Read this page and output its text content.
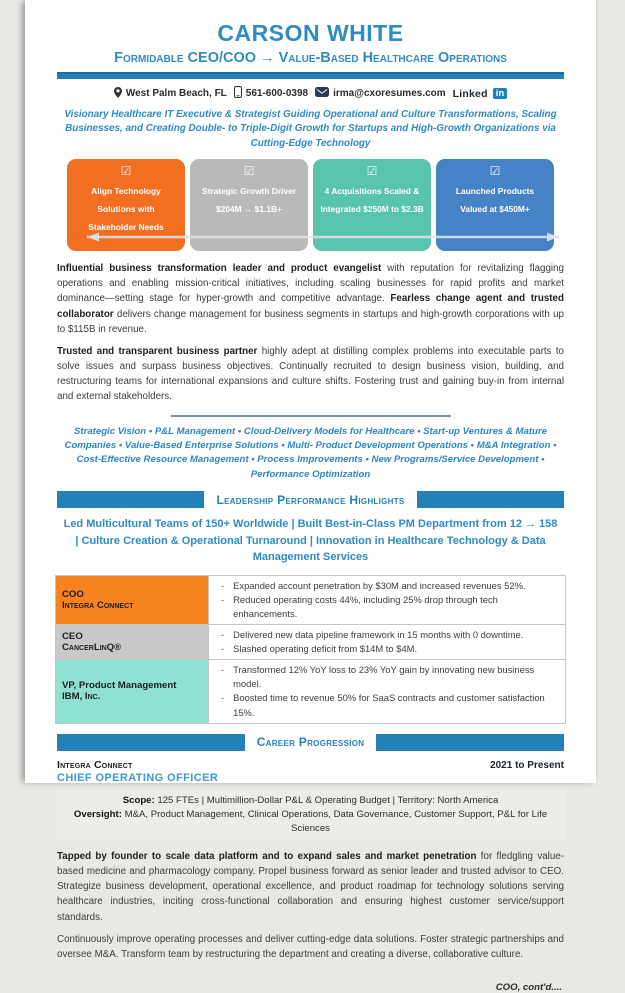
CARSON WHITE
Formidable CEO/COO → Value-Based Healthcare Operations
West Palm Beach, FL 561-600-0398	irma@cxoresumes.com Linked in
Visionary Healthcare IT Executive & Strategist Guiding Operational and Culture Transformations, Scaling Businesses, and Creating Double- to Triple-Digit Growth for Startups and High-Growth Organizations via Cutting-Edge Technology
☑
Align Technology Solutions with Stakeholder Needs
☑
Strategic Growth Driver $204M → $1.1B+
☑
4 Acquisitions Scaled & Integrated $250M to $2.3B
☑
Launched Products Valued at $450M+

Influential business transformation leader and product evangelist with reputation for revitalizing flagging operations and enabling mission-critical initiatives, including scaling businesses for rapid profits and market dominance—setting stage for hyper-growth and competitive advantage. Fearless change agent and trusted collaborator delivers change management for business segments in startups and high-growth corporations with up to $115B in revenue.

Trusted and transparent business partner highly adept at distilling complex problems into executable parts to solve issues and surpass business objectives. Continually recruited to design business vision, building, and restructuring teams for international expansions and culture shifts. Fostering trust and gaining buy-in from internal and external stakeholders.

Strategic Vision • P&L Management • Cloud-Delivery Models for Healthcare • Start-up Ventures & Mature Companies • Value-Based Enterprise Solutions • Multi- Product Development Operations • M&A Integration • Cost-Effective Resource Management • Process Improvements • New Programs/Service Development • Performance Optimization
Leadership Performance Highlights
Led Multicultural Teams of 150+ Worldwide | Built Best-in-Class PM Department from 12 → 158 | Culture Creation & Operational Turnaround | Innovation in Healthcare Technology & Data Management Services
COO
Integra Connect

- Expanded account penetration by $30M and increased revenues 52%.
- Reduced operating costs 44%, including 25% drop through tech enhancements.

CEO
CancerLinQ®

- Delivered new data pipeline framework in 15 months with 0 downtime.
- Slashed operating deficit from $14M to $4M.

VP, Product Management
IBM, Inc.

- Transformed 12% YoY loss to 23% YoY gain by innovating new business model.
- Boosted time to revenue 50% for SaaS contracts and customer satisfaction 15%.
Career Progression
Integra Connect	2021 to Present
CHIEF OPERATING OFFICER
Scope: 125 FTEs | Multimillion-Dollar P&L & Operating Budget | Territory: North America
Oversight: M&A, Product Management, Clinical Operations, Data Governance, Customer Support, P&L for Life Sciences

Tapped by founder to scale data platform and to expand sales and market penetration for fledgling value-based medicine and pharmacology company. Propel business forward as senior leader and trusted advisor to CEO. Strategize business development, operational excellence, and product roadmap for technology solutions serving healthcare industries, inciting cross-functional collaboration and ensuring highest customer service/support standards.

Continuously improve operating processes and deliver cutting-edge data solutions. Foster strategic partnerships and oversee M&A. Transform team by restructuring the department and creating a diverse, collaborative culture.

COO, cont'd....
